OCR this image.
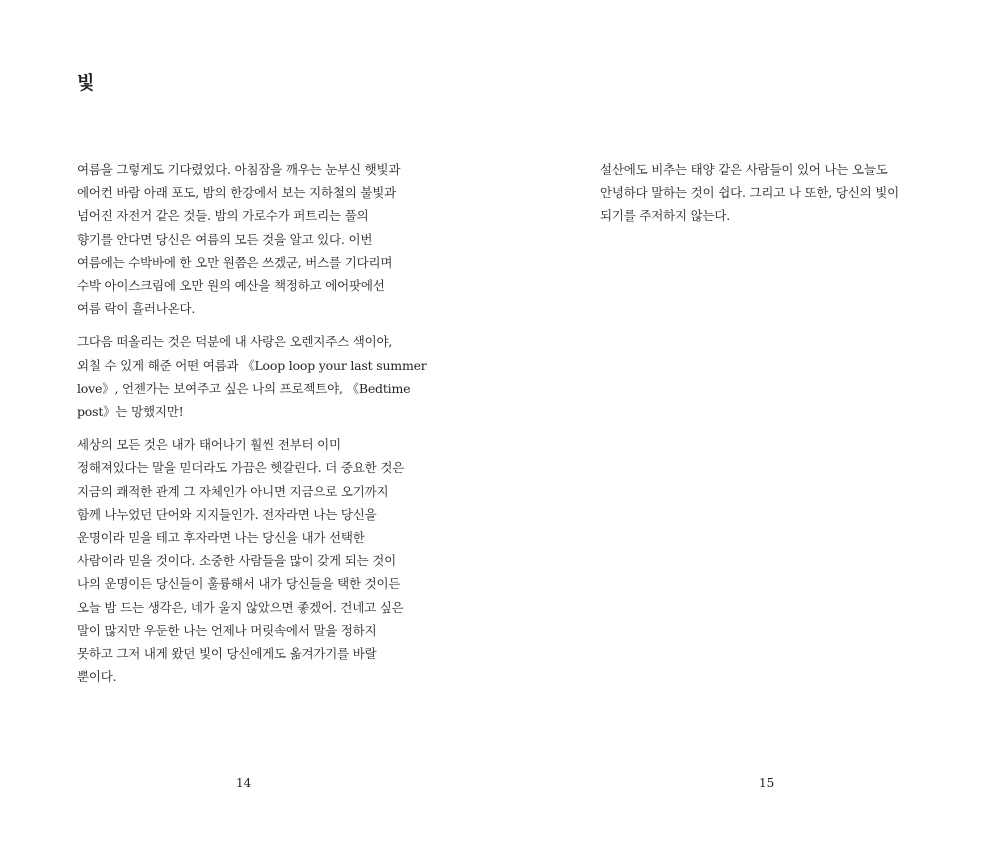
빛

여름을 그렇게도 기다렸었다. 아침잠을 깨우는 눈부신 햇빛과
에어컨 바람 아래 포도, 밤의 한강에서 보는 지하철의 불빛과
넘어진 자전거 같은 것들. 밤의 가로수가 퍼트리는 풀의
향기를 안다면 당신은 여름의 모든 것을 알고 있다. 이번
여름에는 수박바에 한 오만 원쯤은 쓰겠군, 버스를 기다리며
수박 아이스크림에 오만 원의 예산을 책정하고 에어팟에선
여름 락이 흘러나온다.

그다음 떠올리는 것은 덕분에 내 사랑은 오렌지주스 색이야,
외칠 수 있게 해준 어떤 여름과 《Loop loop your last summer
love》, 언젠가는 보여주고 싶은 나의 프로젝트야, 《Bedtime
post》는 망했지만!

세상의 모든 것은 내가 태어나기 훨씬 전부터 이미
정해져있다는 말을 믿더라도 가끔은 헷갈린다. 더 중요한 것은
지금의 쾌적한 관계 그 자체인가 아니면 지금으로 오기까지
함께 나누었던 단어와 지지들인가. 전자라면 나는 당신을
운명이라 믿을 테고 후자라면 나는 당신을 내가 선택한
사람이라 믿을 것이다. 소중한 사람들을 많이 갖게 되는 것이
나의 운명이든 당신들이 훌륭해서 내가 당신들을 택한 것이든
오늘 밤 드는 생각은, 네가 울지 않았으면 좋겠어. 건네고 싶은
말이 많지만 우둔한 나는 언제나 머릿속에서 말을 정하지
못하고 그저 내게 왔던 빛이 당신에게도 옮겨가기를 바랄
뿐이다.

14

설산에도 비추는 태양 같은 사람들이 있어 나는 오늘도
안녕하다 말하는 것이 쉽다. 그리고 나 또한, 당신의 빛이
되기를 주저하지 않는다.

15
